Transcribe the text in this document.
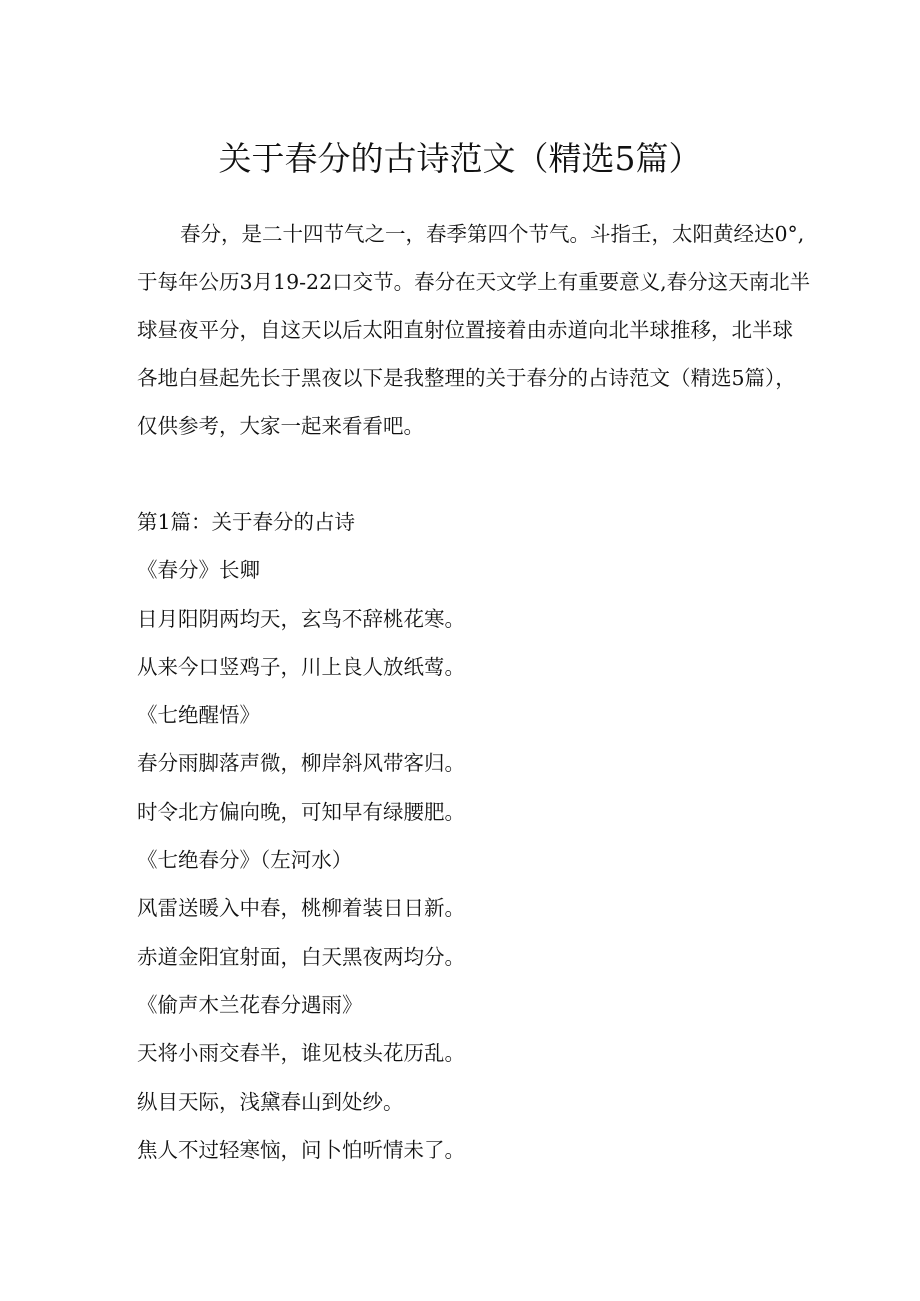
关于春分的古诗范文（精选5篇）
春分，是二十四节气之一，春季第四个节气。斗指壬，太阳黄经达0°,
于每年公历3月19-22口交节。春分在天文学上有重要意义,春分这天南北半
球昼夜平分，自这天以后太阳直射位置接着由赤道向北半球推移，北半球
各地白昼起先长于黑夜以下是我整理的关于春分的占诗范文（精选5篇），
仅供参考，大家一起来看看吧。
第1篇：关于春分的占诗
《春分》长卿
日月阳阴两均天，玄鸟不辞桃花寒。
从来今口竖鸡子，川上良人放纸莺。
《七绝醒悟》
春分雨脚落声微，柳岸斜风带客归。
时令北方偏向晚，可知早有绿腰肥。
《七绝春分》（左河水）
风雷送暖入中春，桃柳着装日日新。
赤道金阳宜射面，白天黑夜两均分。
《偷声木兰花春分遇雨》
天将小雨交春半，谁见枝头花历乱。
纵目天际，浅黛春山到处纱。
焦人不过轻寒恼，问卜怕听情未了。
